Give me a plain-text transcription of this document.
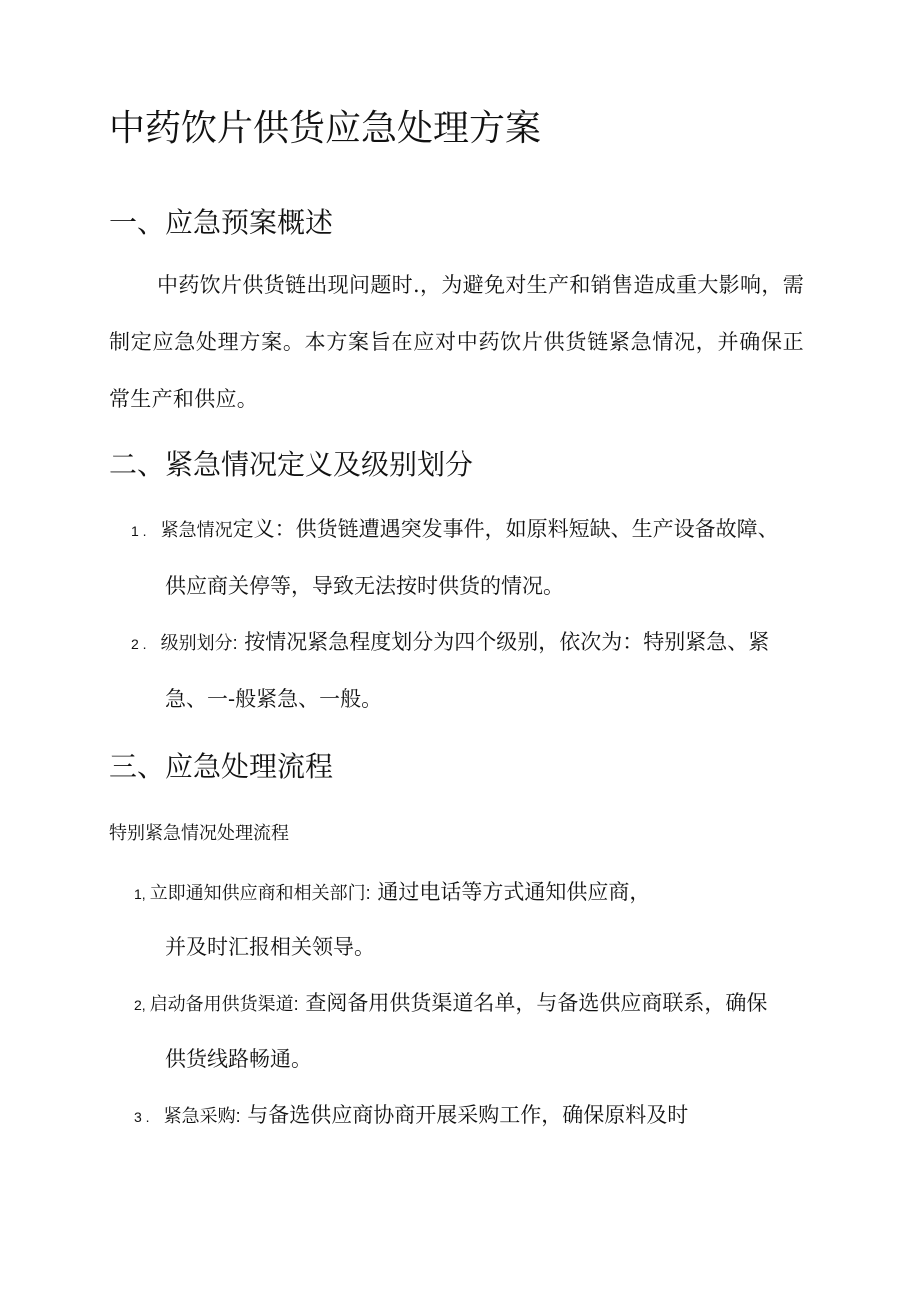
中药饮片供货应急处理方案
一、应急预案概述

中药饮片供货链出现问题时.，为避免对生产和销售造成重大影响，需制定应急处理方案。本方案旨在应对中药饮片供货链紧急情况，并确保正常生产和供应。

二、紧急情况定义及级别划分

1 . 紧急情况定义：供货链遭遇突发事件，如原料短缺、生产设备故障、

供应商关停等，导致无法按时供货的情况。

2 . 级别划分: 按情况紧急程度划分为四个级别，依次为：特别紧急、紧

急、一-般紧急、一般。

三、应急处理流程

特别紧急情况处理流程

1, 立即通知供应商和相关部门: 通过电话等方式通知供应商，

并及时汇报相关领导。

2, 启动备用供货渠道: 查阅备用供货渠道名单，与备选供应商联系，确保

供货线路畅通。

3 . 紧急采购: 与备选供应商协商开展采购工作，确保原料及时
